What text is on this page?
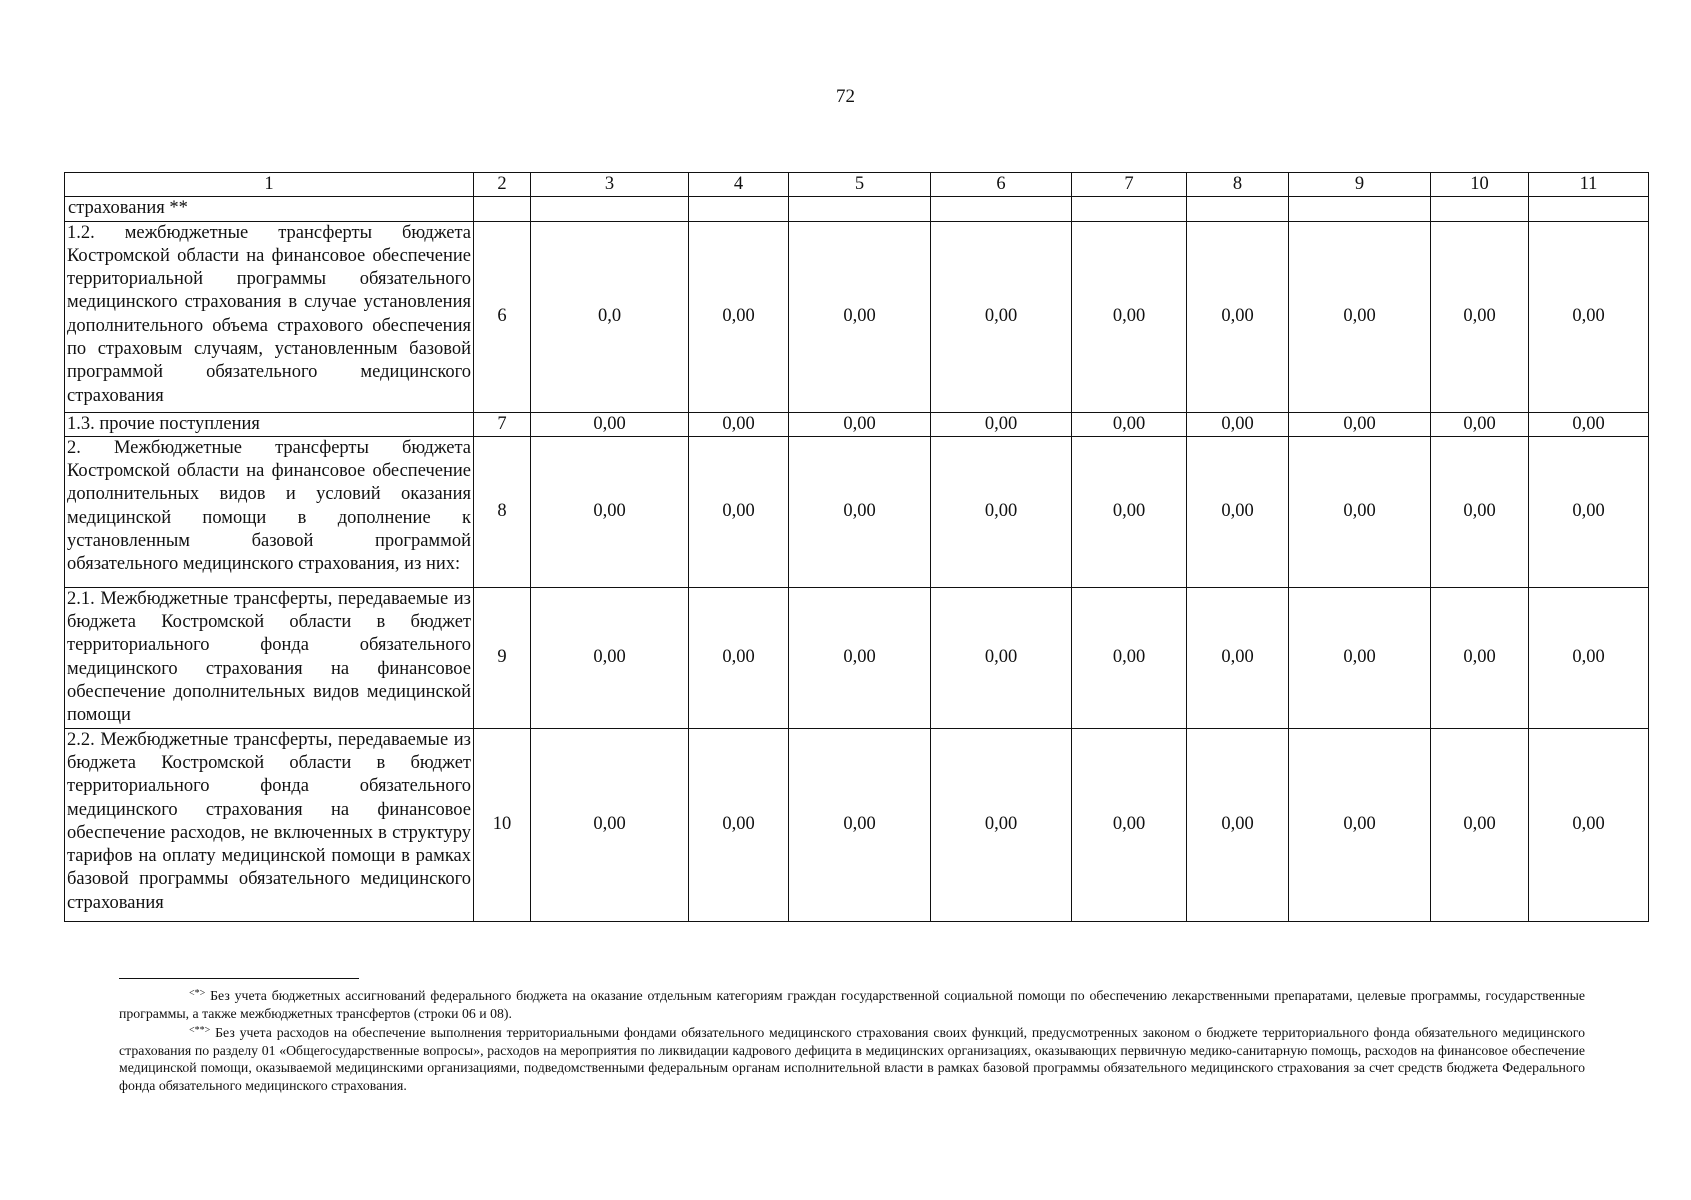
72
1	2	3	4	5	6	7	8	9	10	11
страхования **										
1.2. межбюджетные трансферты бюджета Костромской области на финансовое обеспечение территориальной программы обязательного медицинского страхования в случае установления дополнительного объема страхового обеспечения по страховым случаям, установленным базовой программой обязательного медицинского страхования	6	0,0	0,00	0,00	0,00	0,00	0,00	0,00	0,00	0,00
1.3. прочие поступления	7	0,00	0,00	0,00	0,00	0,00	0,00	0,00	0,00	0,00
2. Межбюджетные трансферты бюджета Костромской области на финансовое обеспечение дополнительных видов и условий оказания медицинской помощи в дополнение к установленным базовой программой обязательного медицинского страхования, из них:	8	0,00	0,00	0,00	0,00	0,00	0,00	0,00	0,00	0,00
2.1. Межбюджетные трансферты, передаваемые из бюджета Костромской области в бюджет территориального фонда обязательного медицинского страхования на финансовое обеспечение дополнительных видов медицинской помощи	9	0,00	0,00	0,00	0,00	0,00	0,00	0,00	0,00	0,00
2.2. Межбюджетные трансферты, передаваемые из бюджета Костромской области в бюджет территориального фонда обязательного медицинского страхования на финансовое обеспечение расходов, не включенных в структуру тарифов на оплату медицинской помощи в рамках базовой программы обязательного медицинского страхования	10	0,00	0,00	0,00	0,00	0,00	0,00	0,00	0,00	0,00

<*> Без учета бюджетных ассигнований федерального бюджета на оказание отдельным категориям граждан государственной социальной помощи по обеспечению лекарственными препаратами, целевые программы, государственные программы, а также межбюджетных трансфертов (строки 06 и 08).

<**> Без учета расходов на обеспечение выполнения территориальными фондами обязательного медицинского страхования своих функций, предусмотренных законом о бюджете территориального фонда обязательного медицинского страхования по разделу 01 «Общегосударственные вопросы», расходов на мероприятия по ликвидации кадрового дефицита в медицинских организациях, оказывающих первичную медико-санитарную помощь, расходов на финансовое обеспечение медицинской помощи, оказываемой медицинскими организациями, подведомственными федеральным органам исполнительной власти в рамках базовой программы обязательного медицинского страхования за счет средств бюджета Федерального фонда обязательного медицинского страхования.
